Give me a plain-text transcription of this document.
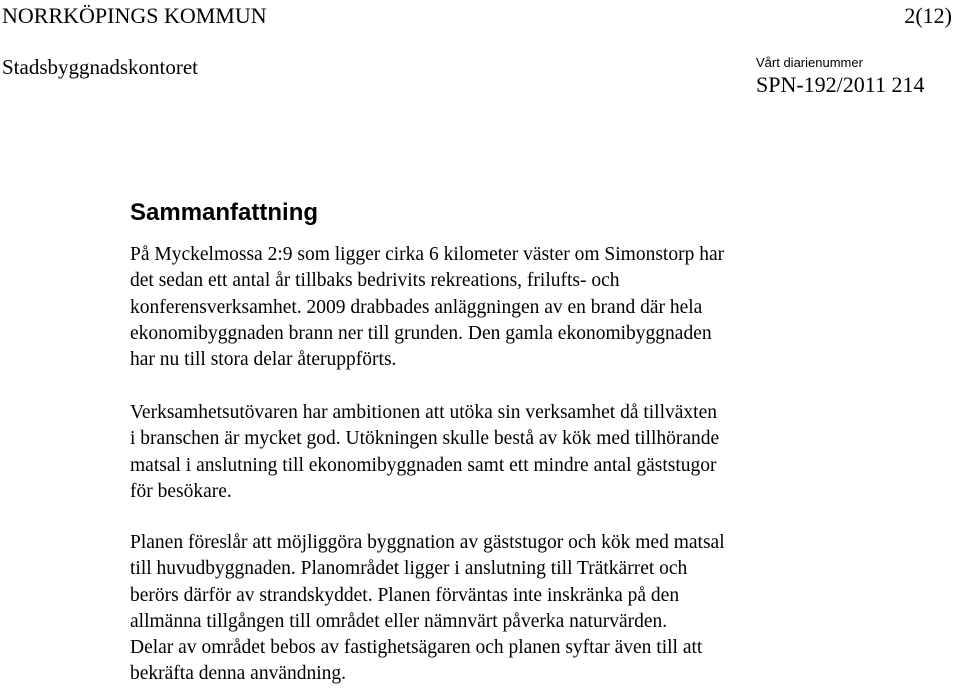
NORRKÖPINGS KOMMUN	2(12)
Stadsbyggnadskontoret	Vårt diarienummer
SPN-192/2011 214
Sammanfattning

På Myckelmossa 2:9 som ligger cirka 6 kilometer väster om Simonstorp har
det sedan ett antal år tillbaks bedrivits rekreations, frilufts- och
konferensverksamhet. 2009 drabbades anläggningen av en brand där hela
ekonomibyggnaden brann ner till grunden. Den gamla ekonomibyggnaden
har nu till stora delar återuppförts.

Verksamhetsutövaren har ambitionen att utöka sin verksamhet då tillväxten
i branschen är mycket god. Utökningen skulle bestå av kök med tillhörande
matsal i anslutning till ekonomibyggnaden samt ett mindre antal gäststugor
för besökare.

Planen föreslår att möjliggöra byggnation av gäststugor och kök med matsal
till huvudbyggnaden. Planområdet ligger i anslutning till Trätkärret och
berörs därför av strandskyddet. Planen förväntas inte inskränka på den
allmänna tillgången till området eller nämnvärt påverka naturvärden.
Delar av området bebos av fastighetsägaren och planen syftar även till att
bekräfta denna användning.
